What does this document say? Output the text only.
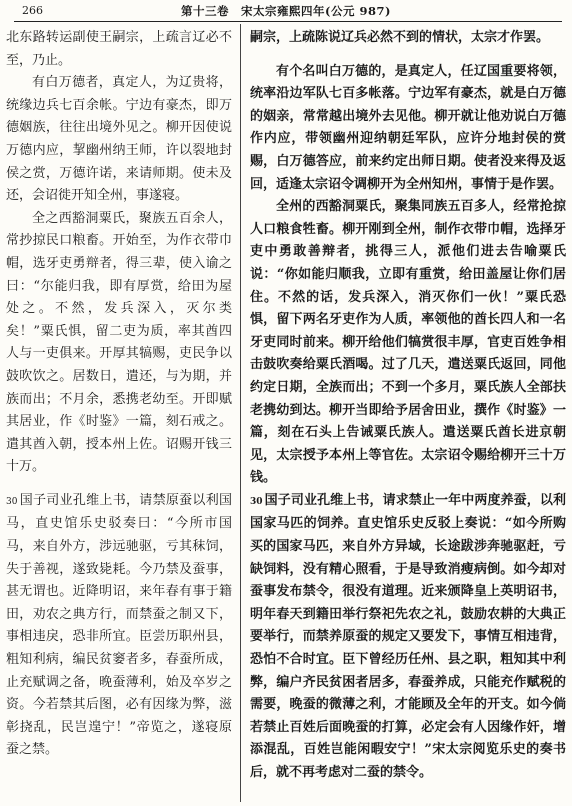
266	第十三卷　宋太宗雍熙四年(公元 987)

北东路转运副使王嗣宗，上疏言辽必不至，乃止。

有白万德者，真定人，为辽贵将，统缘边兵七百余帐。宁边有豪杰，即万德姻族，往往出境外见之。柳开因使说万德内应，挈幽州纳王师，许以裂地封侯之赏，万德许诺，来请师期。使未及还，会诏徙开知全州，事遂寝。

全之西豁洞粟氏，聚族五百余人，常抄掠民口粮畜。开始至，为作衣带巾帽，选牙吏勇辩者，得三辈，使入谕之曰：“尔能归我，即有厚赏，给田为屋处之。不然，发兵深入，灭尔类矣！”粟氏惧，留二吏为质，率其酋四人与一吏俱来。开厚其犒赐，吏民争以鼓吹饮之。居数日，遣还，与为期，并族而出；不月余，悉携老幼至。开即赋其居业，作《时鉴》一篇，刻石戒之。遣其酋入朝，授本州上佐。诏赐开钱三十万。

30 国子司业孔维上书，请禁原蚕以利国马，直史馆乐史驳奏曰：“今所市国马，来自外方，涉远驰驱，亏其秣饲，失于善视，遂致毙耗。今乃禁及蚕事，甚无谓也。近降明诏，来年春有事于籍田，劝农之典方行，而禁蚕之制又下，事相违戾，恐非所宜。臣尝历职州县，粗知利病，编民贫窭者多，春蚕所成，止充赋调之备，晚蚕薄利，始及卒岁之资。今若禁其后图，必有因缘为弊，滋彰挠乱，民岂遑宁！”帝览之，遂寝原蚕之禁。

嗣宗，上疏陈说辽兵必然不到的情状，太宗才作罢。

有个名叫白万德的，是真定人，任辽国重要将领，统率沿边军队七百多帐落。宁边军有豪杰，就是白万德的姻亲，常常越出境外去见他。柳开就让他劝说白万德作内应，带领幽州迎纳朝廷军队，应许分地封侯的赏赐，白万德答应，前来约定出师日期。使者没来得及返回，适逢太宗诏令调柳开为全州知州，事情于是作罢。

全州的西豁洞粟氏，聚集同族五百多人，经常抢掠人口粮食牲畜。柳开刚到全州，制作衣带巾帽，选择牙吏中勇敢善辩者，挑得三人，派他们进去告喻粟氏说：“你如能归顺我，立即有重赏，给田盖屋让你们居住。不然的话，发兵深入，消灭你们一伙！”粟氏恐惧，留下两名牙吏作为人质，率领他的酋长四人和一名牙吏同时前来。柳开给他们犒赏很丰厚，官吏百姓争相击鼓吹奏给粟氏酒喝。过了几天，遣送粟氏返回，同他约定日期，全族而出；不到一个多月，粟氏族人全部扶老携幼到达。柳开当即给予居舍田业，撰作《时鉴》一篇，刻在石头上告诫粟氏族人。遣送粟氏酋长进京朝见，太宗授予本州上等官佐。太宗诏令赐给柳开三十万钱。

30 国子司业孔维上书，请求禁止一年中两度养蚕，以利国家马匹的饲养。直史馆乐史反驳上奏说：“如今所购买的国家马匹，来自外方异域，长途跋涉奔驰驱赶，亏缺饲料，没有精心照看，于是导致消瘦病倒。如今却对蚕事发布禁令，很没有道理。近来颁降皇上英明诏书，明年春天到籍田举行祭祀先农之礼，鼓励农耕的大典正要举行，而禁养原蚕的规定又要发下，事情互相违背，恐怕不合时宜。臣下曾经历任州、县之职，粗知其中利弊，编户齐民贫困者居多，春蚕养成，只能充作赋税的需要，晚蚕的微薄之利，才能顾及全年的开支。如今倘若禁止百姓后面晚蚕的打算，必定会有人因缘作奸，增添混乱，百姓岂能闲暇安宁！”宋太宗阅览乐史的奏书后，就不再考虑对二蚕的禁令。
